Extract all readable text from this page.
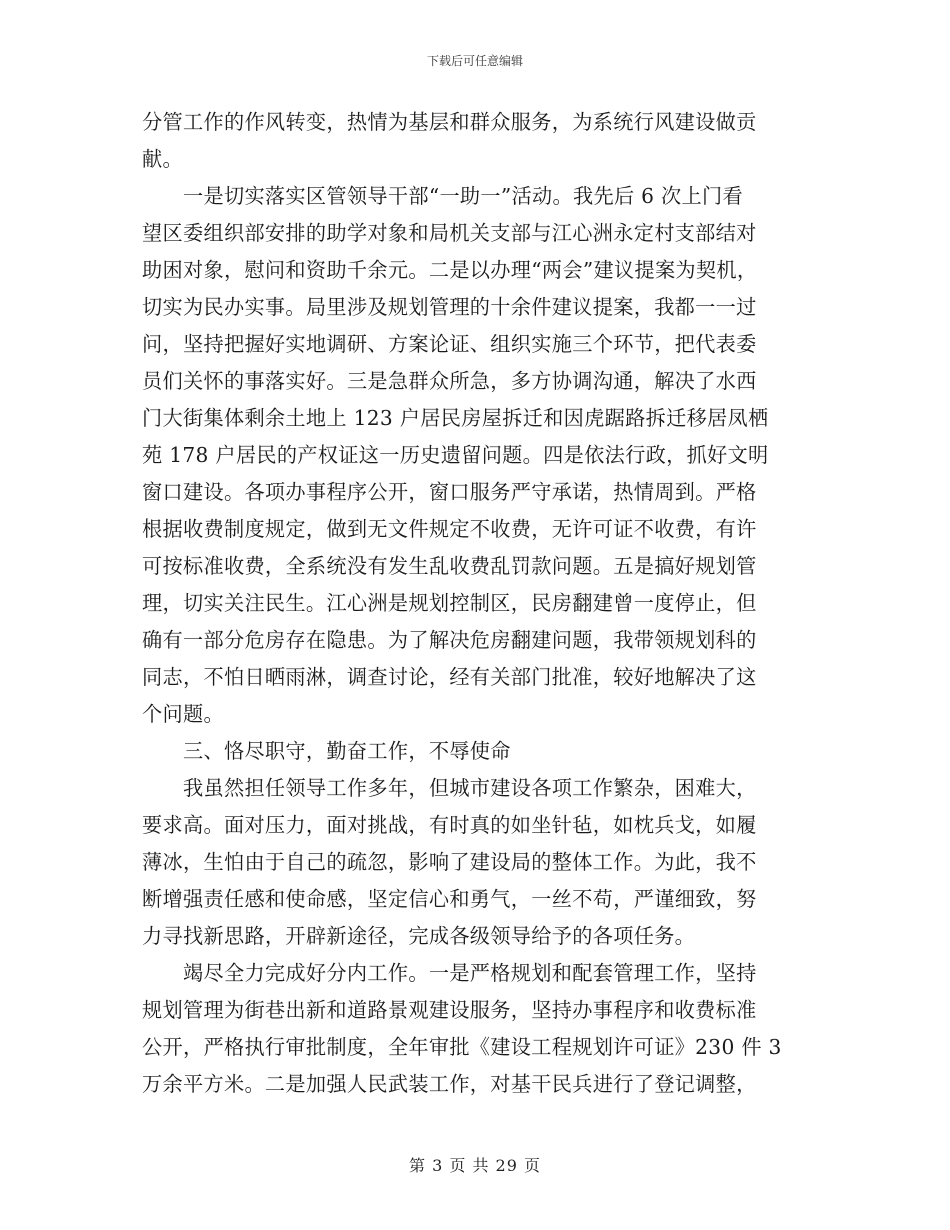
下载后可任意编辑
分管工作的作风转变，热情为基层和群众服务，为系统行风建设做贡
献。
　　一是切实落实区管领导干部“一助一”活动。我先后 6 次上门看
望区委组织部安排的助学对象和局机关支部与江心洲永定村支部结对
助困对象，慰问和资助千余元。二是以办理“两会”建议提案为契机，
切实为民办实事。局里涉及规划管理的十余件建议提案，我都一一过
问，坚持把握好实地调研、方案论证、组织实施三个环节，把代表委
员们关怀的事落实好。三是急群众所急，多方协调沟通，解决了水西
门大街集体剩余土地上 123 户居民房屋拆迁和因虎踞路拆迁移居凤栖
苑 178 户居民的产权证这一历史遗留问题。四是依法行政，抓好文明
窗口建设。各项办事程序公开，窗口服务严守承诺，热情周到。严格
根据收费制度规定，做到无文件规定不收费，无许可证不收费，有许
可按标准收费，全系统没有发生乱收费乱罚款问题。五是搞好规划管
理，切实关注民生。江心洲是规划控制区，民房翻建曾一度停止，但
确有一部分危房存在隐患。为了解决危房翻建问题，我带领规划科的
同志，不怕日晒雨淋，调查讨论，经有关部门批准，较好地解决了这
个问题。
　　三、恪尽职守，勤奋工作，不辱使命
　　我虽然担任领导工作多年，但城市建设各项工作繁杂，困难大，
要求高。面对压力，面对挑战，有时真的如坐针毡，如枕兵戈，如履
薄冰，生怕由于自己的疏忽，影响了建设局的整体工作。为此，我不
断增强责任感和使命感，坚定信心和勇气，一丝不苟，严谨细致，努
力寻找新思路，开辟新途径，完成各级领导给予的各项任务。
　　竭尽全力完成好分内工作。一是严格规划和配套管理工作，坚持
规划管理为街巷出新和道路景观建设服务，坚持办事程序和收费标准
公开，严格执行审批制度，全年审批《建设工程规划许可证》230 件 3
万余平方米。二是加强人民武装工作，对基干民兵进行了登记调整，
第 3 页 共 29 页
